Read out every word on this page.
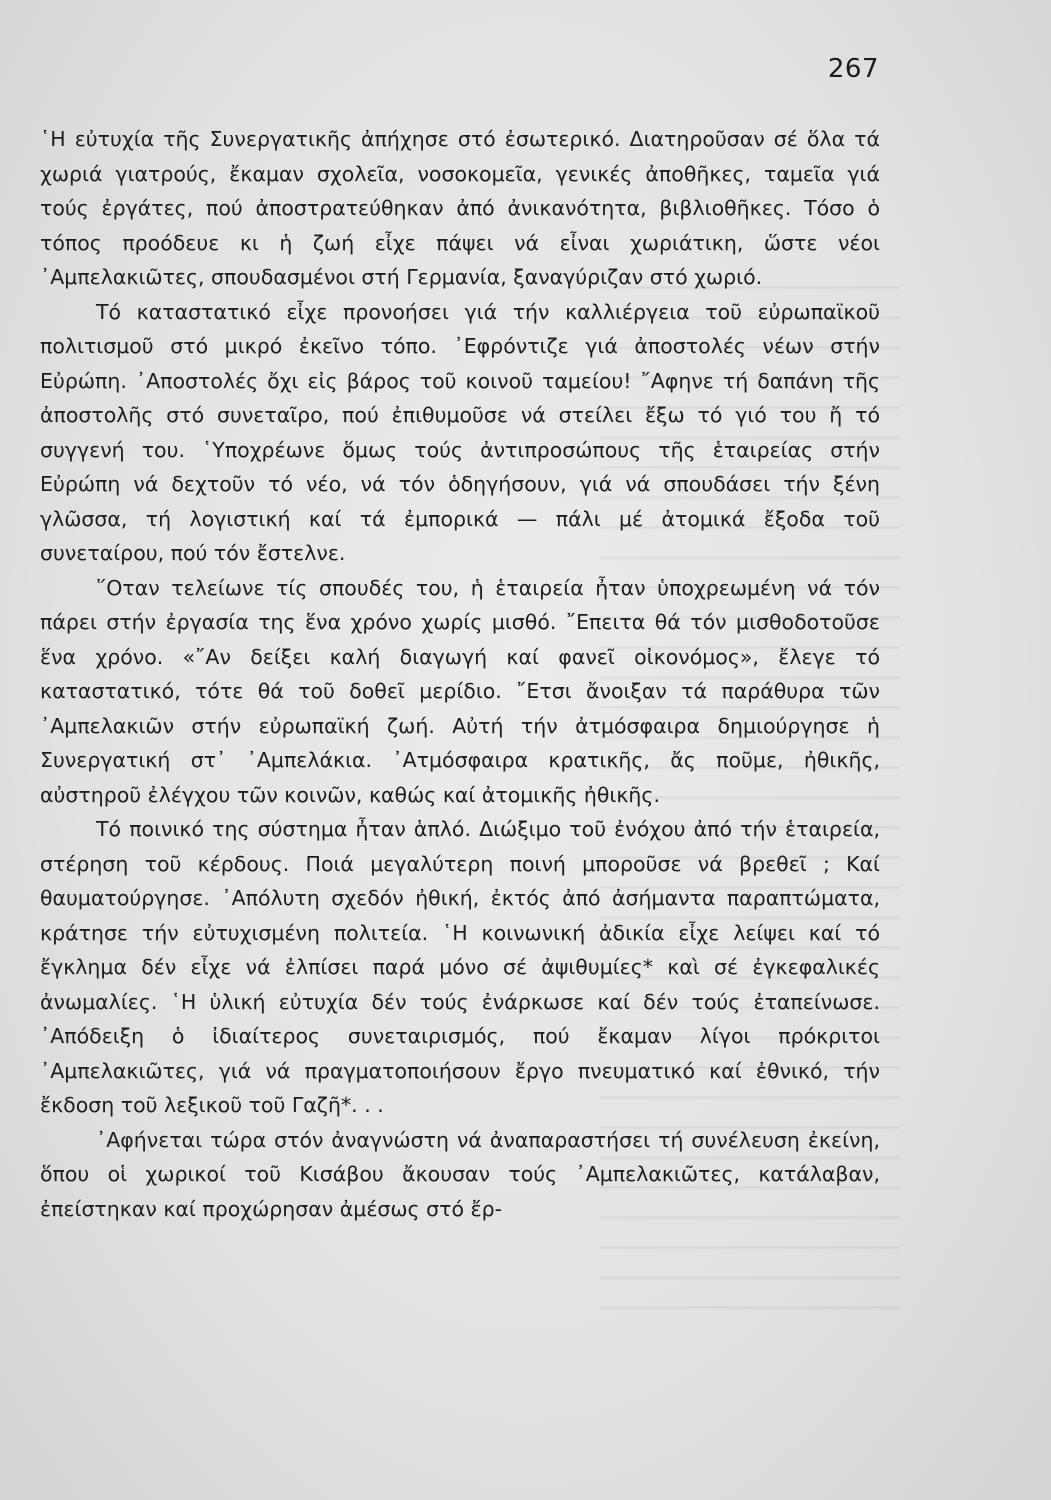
267

῾Η εὐτυχία τῆς Συνεργατικῆς ἀπήχησε στό ἐσωτερικό. Διατηροῦσαν σέ ὅλα τά χωριά γιατρούς, ἔκαμαν σχολεῖα, νοσοκομεῖα, γενικές ἀποθῆκες, ταμεῖα γιά τούς ἐργάτες, πού ἀποστρατεύθηκαν ἀπό ἀνικανότητα, βιβλιοθῆκες. Τόσο ὁ τόπος προόδευε κι ἡ ζωή εἶχε πάψει νά εἶναι χωριάτικη, ὥστε νέοι ᾿Αμπελακιῶτες, σπουδασμένοι στή Γερμανία, ξαναγύριζαν στό χωριό.

Τό καταστατικό εἶχε προνοήσει γιά τήν καλλιέργεια τοῦ εὐρωπαϊκοῦ πολιτισμοῦ στό μικρό ἐκεῖνο τόπο. ᾿Εφρόντιζε γιά ἀποστολές νέων στήν Εὐρώπη. ᾿Αποστολές ὄχι εἰς βάρος τοῦ κοινοῦ ταμείου! ῎Αφηνε τή δαπάνη τῆς ἀποστολῆς στό συνεταῖρο, πού ἐπιθυμοῦσε νά στείλει ἔξω τό γιό του ἤ τό συγγενή του. ῾Υποχρέωνε ὅμως τούς ἀντιπροσώπους τῆς ἑταιρείας στήν Εὐρώπη νά δεχτοῦν τό νέο, νά τόν ὁδηγήσουν, γιά νά σπουδάσει τήν ξένη γλῶσσα, τή λογιστική καί τά ἐμπορικά — πάλι μέ ἀτομικά ἔξοδα τοῦ συνεταίρου, πού τόν ἔστελνε.

῞Οταν τελείωνε τίς σπουδές του, ἡ ἑταιρεία ἦταν ὑποχρεωμένη νά τόν πάρει στήν ἐργασία της ἕνα χρόνο χωρίς μισθό. ῎Επειτα θά τόν μισθοδοτοῦσε ἕνα χρόνο. «῎Αν δείξει καλή διαγωγή καί φανεῖ οἰκονόμος», ἔλεγε τό καταστατικό, τότε θά τοῦ δοθεῖ μερίδιο. ῎Ετσι ἄνοιξαν τά παράθυρα τῶν ᾿Αμπελακιῶν στήν εὐρωπαϊκή ζωή. Αὐτή τήν ἀτμόσφαιρα δημιούργησε ἡ Συνεργατική στ᾿ ᾿Αμπελάκια. ᾿Ατμόσφαιρα κρατικῆς, ἄς ποῦμε, ἠθικῆς, αὐστηροῦ ἐλέγχου τῶν κοινῶν, καθώς καί ἀτομικῆς ἠθικῆς.

Τό ποινικό της σύστημα ἦταν ἁπλό. Διώξιμο τοῦ ἐνόχου ἀπό τήν ἑταιρεία, στέρηση τοῦ κέρδους. Ποιά μεγαλύτερη ποινή μποροῦσε νά βρεθεῖ ; Καί θαυματούργησε. ᾿Απόλυτη σχεδόν ἠθική, ἐκτός ἀπό ἀσήμαντα παραπτώματα, κράτησε τήν εὐτυχισμένη πολιτεία. ῾Η κοινωνική ἀδικία εἶχε λείψει καί τό ἔγκλημα δέν εἶχε νά ἐλπίσει παρά μόνο σέ ἀψιθυμίες* καὶ σέ ἐγκεφαλικές ἀνωμαλίες. ῾Η ὑλική εὐτυχία δέν τούς ἐνάρκωσε καί δέν τούς ἐταπείνωσε. ᾿Απόδειξη ὁ ἰδιαίτερος συνεταιρισμός, πού ἔκαμαν λίγοι πρόκριτοι ᾿Αμπελακιῶτες, γιά νά πραγματοποιήσουν ἔργο πνευματικό καί ἐθνικό, τήν ἔκδοση τοῦ λεξικοῦ τοῦ Γαζῆ*. . .

᾿Αφήνεται τώρα στόν ἀναγνώστη νά ἀναπαραστήσει τή συνέλευση ἐκείνη, ὅπου οἱ χωρικοί τοῦ Κισάβου ἄκουσαν τούς ᾿Αμπελακιῶτες, κατάλαβαν, ἐπείστηκαν καί προχώρησαν ἀμέσως στό ἔρ-
